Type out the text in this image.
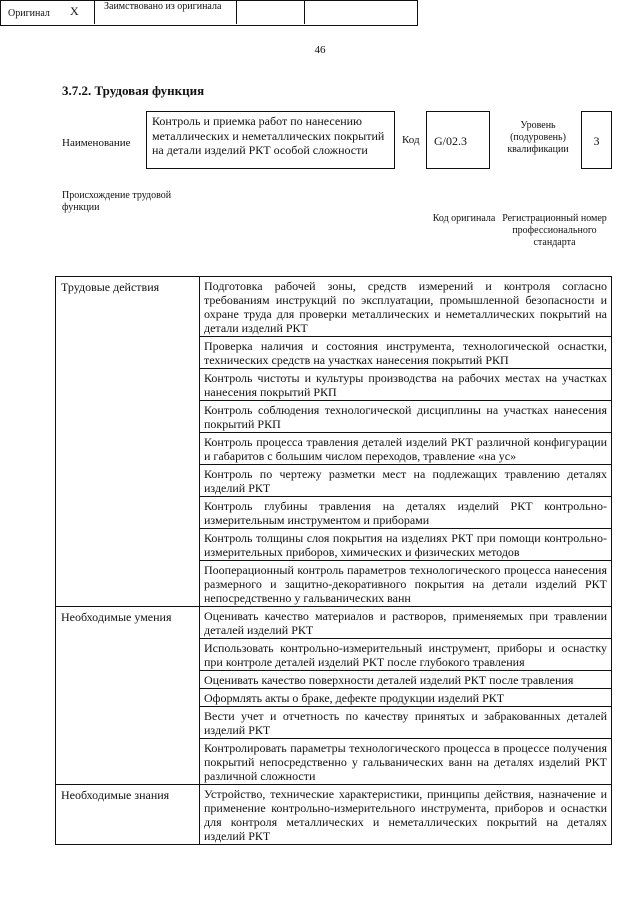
46
3.7.2. Трудовая функция
Наименование
Контроль и приемка работ по нанесению металлических и неметаллических покрытий на детали изделий РКТ особой сложности
Код	G/02.3
Уровень (подуровень) квалификации
3
Происхождение трудовой функции
Оригинал X	Заимствовано из оригинала
Код оригинала Регистрационный номер профессионального стандарта
Трудовые действия	Подготовка рабочей зоны, средств измерений и контроля согласно требованиям инструкций по эксплуатации, промышленной безопасности и охране труда для проверки металлических и неметаллических покрытий на детали изделий РКТ
	Проверка наличия и состояния инструмента, технологической оснастки, технических средств на участках нанесения покрытий РКП
	Контроль чистоты и культуры производства на рабочих местах на участках нанесения покрытий РКП
	Контроль соблюдения технологической дисциплины на участках нанесения покрытий РКП
	Контроль процесса травления деталей изделий РКТ различной конфигурации и габаритов с большим числом переходов, травление «на ус»
	Контроль по чертежу разметки мест на подлежащих травлению деталях изделий РКТ
	Контроль глубины травления на деталях изделий РКТ контрольно-измерительным инструментом и приборами
	Контроль толщины слоя покрытия на изделиях РКТ при помощи контрольно-измерительных приборов, химических и физических методов
	Пооперационный контроль параметров технологического процесса нанесения размерного и защитно-декоративного покрытия на детали изделий РКТ непосредственно у гальванических ванн
Необходимые умения	Оценивать качество материалов и растворов, применяемых при травлении деталей изделий РКТ
	Использовать контрольно-измерительный инструмент, приборы и оснастку при контроле деталей изделий РКТ после глубокого травления
	Оценивать качество поверхности деталей изделий РКТ после травления
	Оформлять акты о браке, дефекте продукции изделий РКТ
	Вести учет и отчетность по качеству принятых и забракованных деталей изделий РКТ
	Контролировать параметры технологического процесса в процессе получения покрытий непосредственно у гальванических ванн на деталях изделий РКТ различной сложности
Необходимые знания	Устройство, технические характеристики, принципы действия, назначение и применение контрольно-измерительного инструмента, приборов и оснастки для контроля металлических и неметаллических покрытий на деталях изделий РКТ
